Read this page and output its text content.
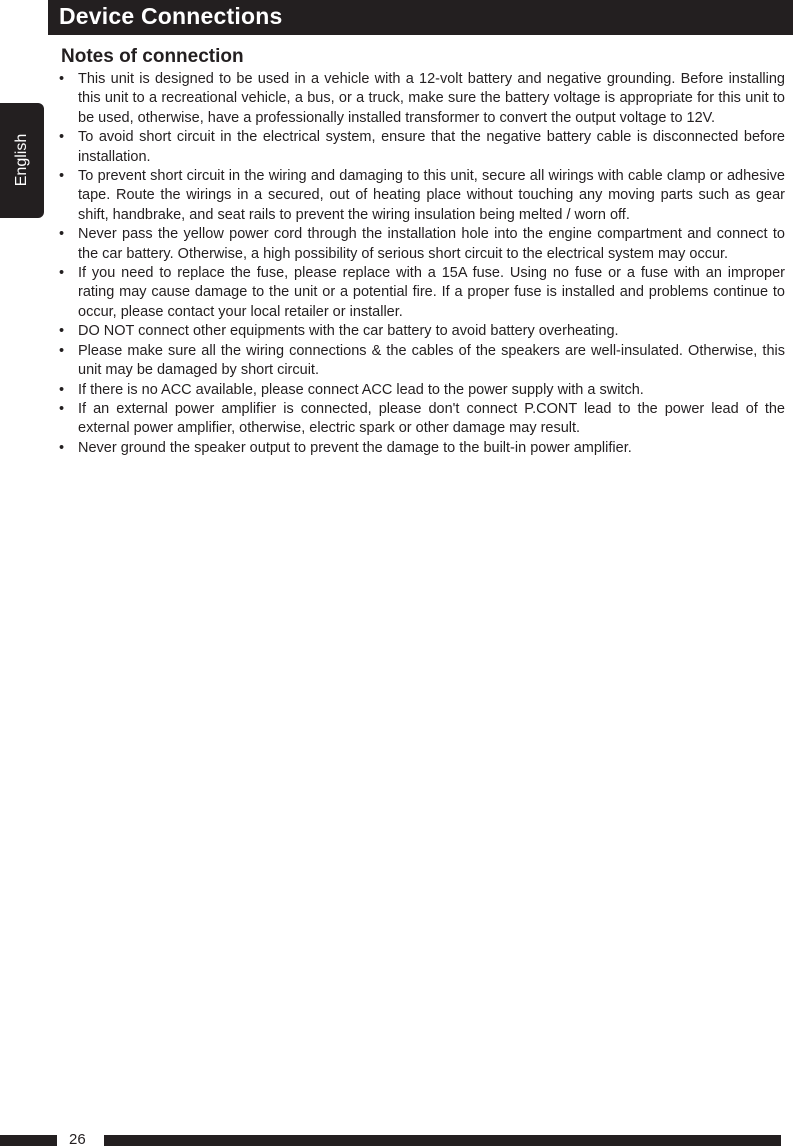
Device Connections
English
Notes of connection
• This unit is designed to be used in a vehicle with a 12-volt battery and negative grounding. Before installing this unit to a recreational vehicle, a bus, or a truck, make sure the battery voltage is appropriate for this unit to be used, otherwise, have a professionally installed transformer to convert the output voltage to 12V.
• To avoid short circuit in the electrical system, ensure that the negative battery cable is disconnected before installation.
• To prevent short circuit in the wiring and damaging to this unit, secure all wirings with cable clamp or adhesive tape. Route the wirings in a secured, out of heating place without touching any moving parts such as gear shift, handbrake, and seat rails to prevent the wiring insulation being melted / worn off.
• Never pass the yellow power cord through the installation hole into the engine compartment and connect to the car battery. Otherwise, a high possibility of serious short circuit to the electrical system may occur.
• If you need to replace the fuse, please replace with a 15A fuse. Using no fuse or a fuse with an improper rating may cause damage to the unit or a potential fire. If a proper fuse is installed and problems continue to occur, please contact your local retailer or installer.
• DO NOT connect other equipments with the car battery to avoid battery overheating.
• Please make sure all the wiring connections & the cables of the speakers are well-insulated. Otherwise, this unit may be damaged by short circuit.
• If there is no ACC available, please connect ACC lead to the power supply with a switch.
• If an external power amplifier is connected, please don't connect P.CONT lead to the power lead of the external power amplifier, otherwise, electric spark or other damage may result.
• Never ground the speaker output to prevent the damage to the built-in power amplifier.
26
